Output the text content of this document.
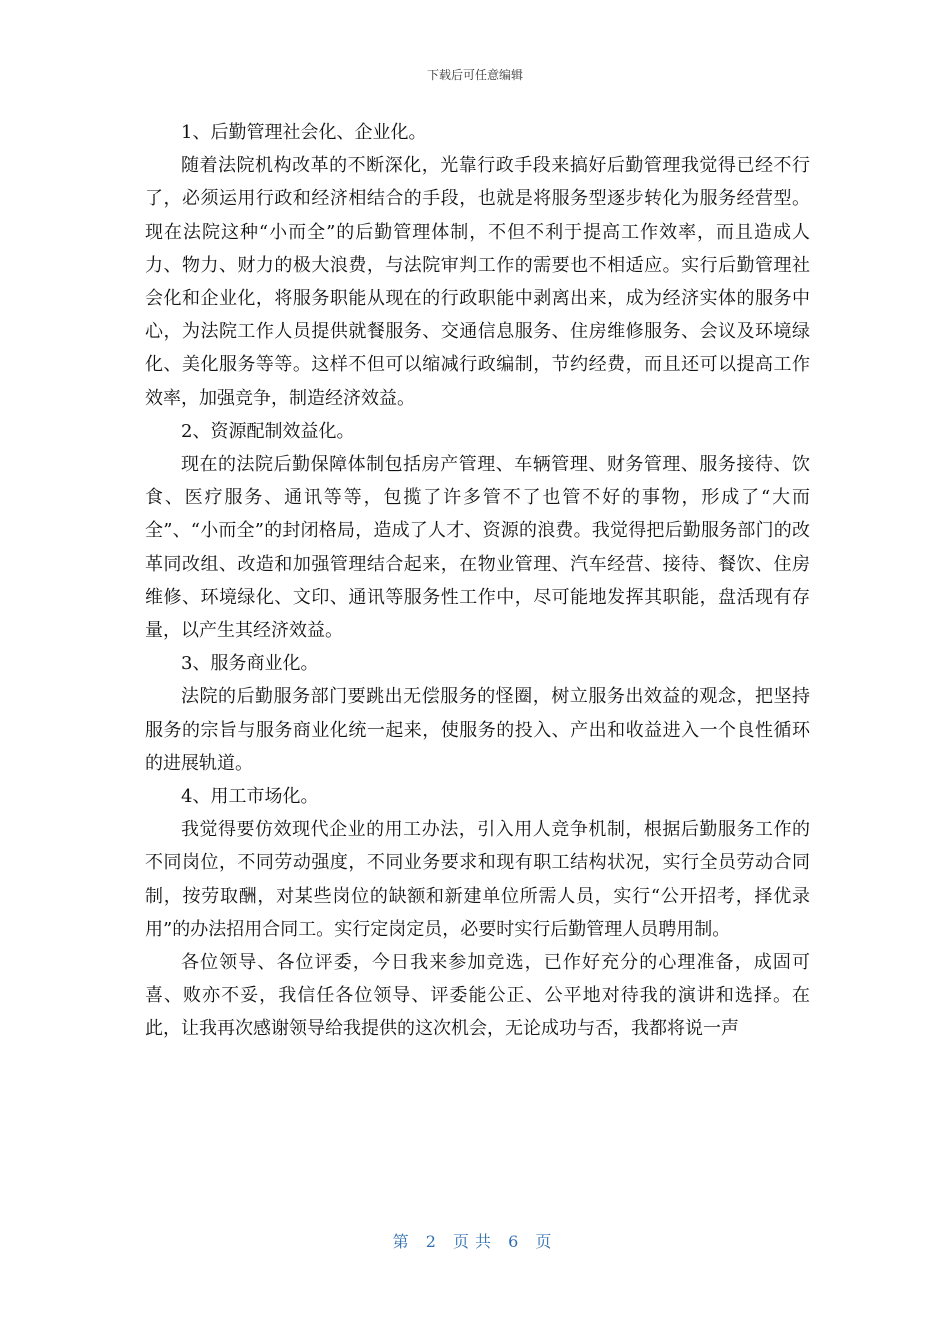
下载后可任意编辑

1、后勤管理社会化、企业化。

随着法院机构改革的不断深化，光靠行政手段来搞好后勤管理我觉得已经不行了，必须运用行政和经济相结合的手段，也就是将服务型逐步转化为服务经营型。现在法院这种“小而全”的后勤管理体制，不但不利于提高工作效率，而且造成人力、物力、财力的极大浪费，与法院审判工作的需要也不相适应。实行后勤管理社会化和企业化，将服务职能从现在的行政职能中剥离出来，成为经济实体的服务中心，为法院工作人员提供就餐服务、交通信息服务、住房维修服务、会议及环境绿化、美化服务等等。这样不但可以缩减行政编制，节约经费，而且还可以提高工作效率，加强竞争，制造经济效益。

2、资源配制效益化。

现在的法院后勤保障体制包括房产管理、车辆管理、财务管理、服务接待、饮食、医疗服务、通讯等等，包揽了许多管不了也管不好的事物，形成了“大而全”、“小而全”的封闭格局，造成了人才、资源的浪费。我觉得把后勤服务部门的改革同改组、改造和加强管理结合起来，在物业管理、汽车经营、接待、餐饮、住房维修、环境绿化、文印、通讯等服务性工作中，尽可能地发挥其职能，盘活现有存量，以产生其经济效益。

3、服务商业化。

法院的后勤服务部门要跳出无偿服务的怪圈，树立服务出效益的观念，把坚持服务的宗旨与服务商业化统一起来，使服务的投入、产出和收益进入一个良性循环的进展轨道。

4、用工市场化。

我觉得要仿效现代企业的用工办法，引入用人竞争机制，根据后勤服务工作的不同岗位，不同劳动强度，不同业务要求和现有职工结构状况，实行全员劳动合同制，按劳取酬，对某些岗位的缺额和新建单位所需人员，实行“公开招考，择优录用”的办法招用合同工。实行定岗定员，必要时实行后勤管理人员聘用制。

各位领导、各位评委，今日我来参加竞选，已作好充分的心理准备，成固可喜、败亦不妥，我信任各位领导、评委能公正、公平地对待我的演讲和选择。在此，让我再次感谢领导给我提供的这次机会，无论成功与否，我都将说一声

第 2 页共 6 页
